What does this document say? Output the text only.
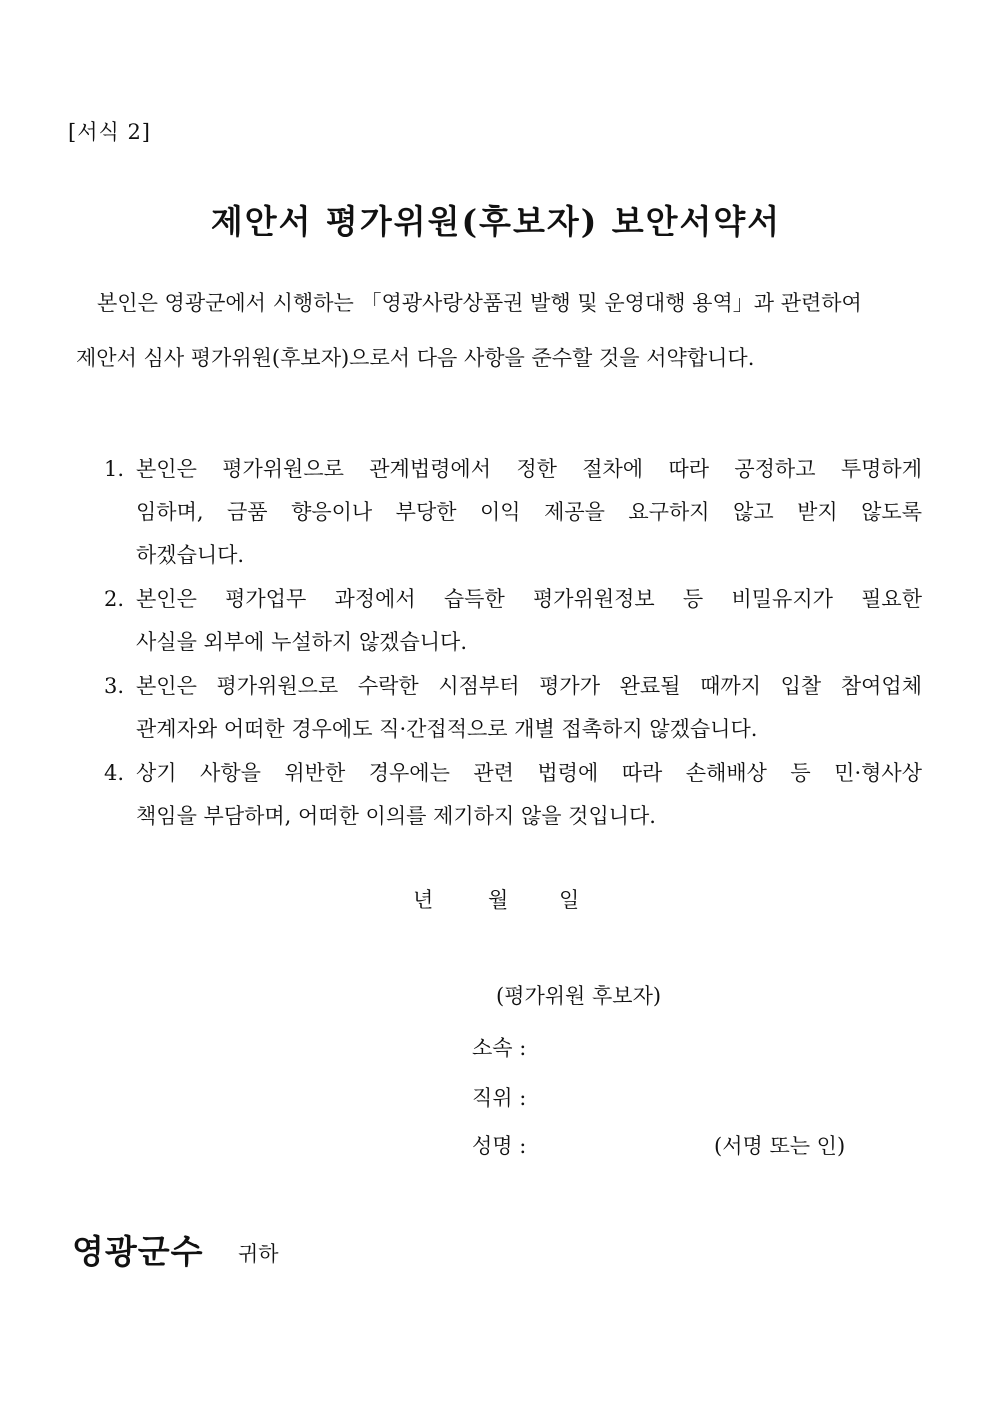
[서식 2]
제안서 평가위원(후보자) 보안서약서
본인은 영광군에서 시행하는 「영광사랑상품권 발행 및 운영대행 용역」과 관련하여
제안서 심사 평가위원(후보자)으로서 다음 사항을 준수할 것을 서약합니다.
1. 본인은 평가위원으로 관계법령에서 정한 절차에 따라 공정하고 투명하게
임하며, 금품 향응이나 부당한 이익 제공을 요구하지 않고 받지 않도록
하겠습니다.
2. 본인은 평가업무 과정에서 습득한 평가위원정보 등 비밀유지가 필요한
사실을 외부에 누설하지 않겠습니다.
3. 본인은 평가위원으로 수락한 시점부터 평가가 완료될 때까지 입찰 참여업체
관계자와 어떠한 경우에도 직·간접적으로 개별 접촉하지 않겠습니다.
4. 상기 사항을 위반한 경우에는 관련 법령에 따라 손해배상 등 민·형사상
책임을 부담하며, 어떠한 이의를 제기하지 않을 것입니다.
년	월 일
(평가위원 후보자)
소속 :
직위 :
성명 :	(서명 또는 인)
영광군수 귀하
